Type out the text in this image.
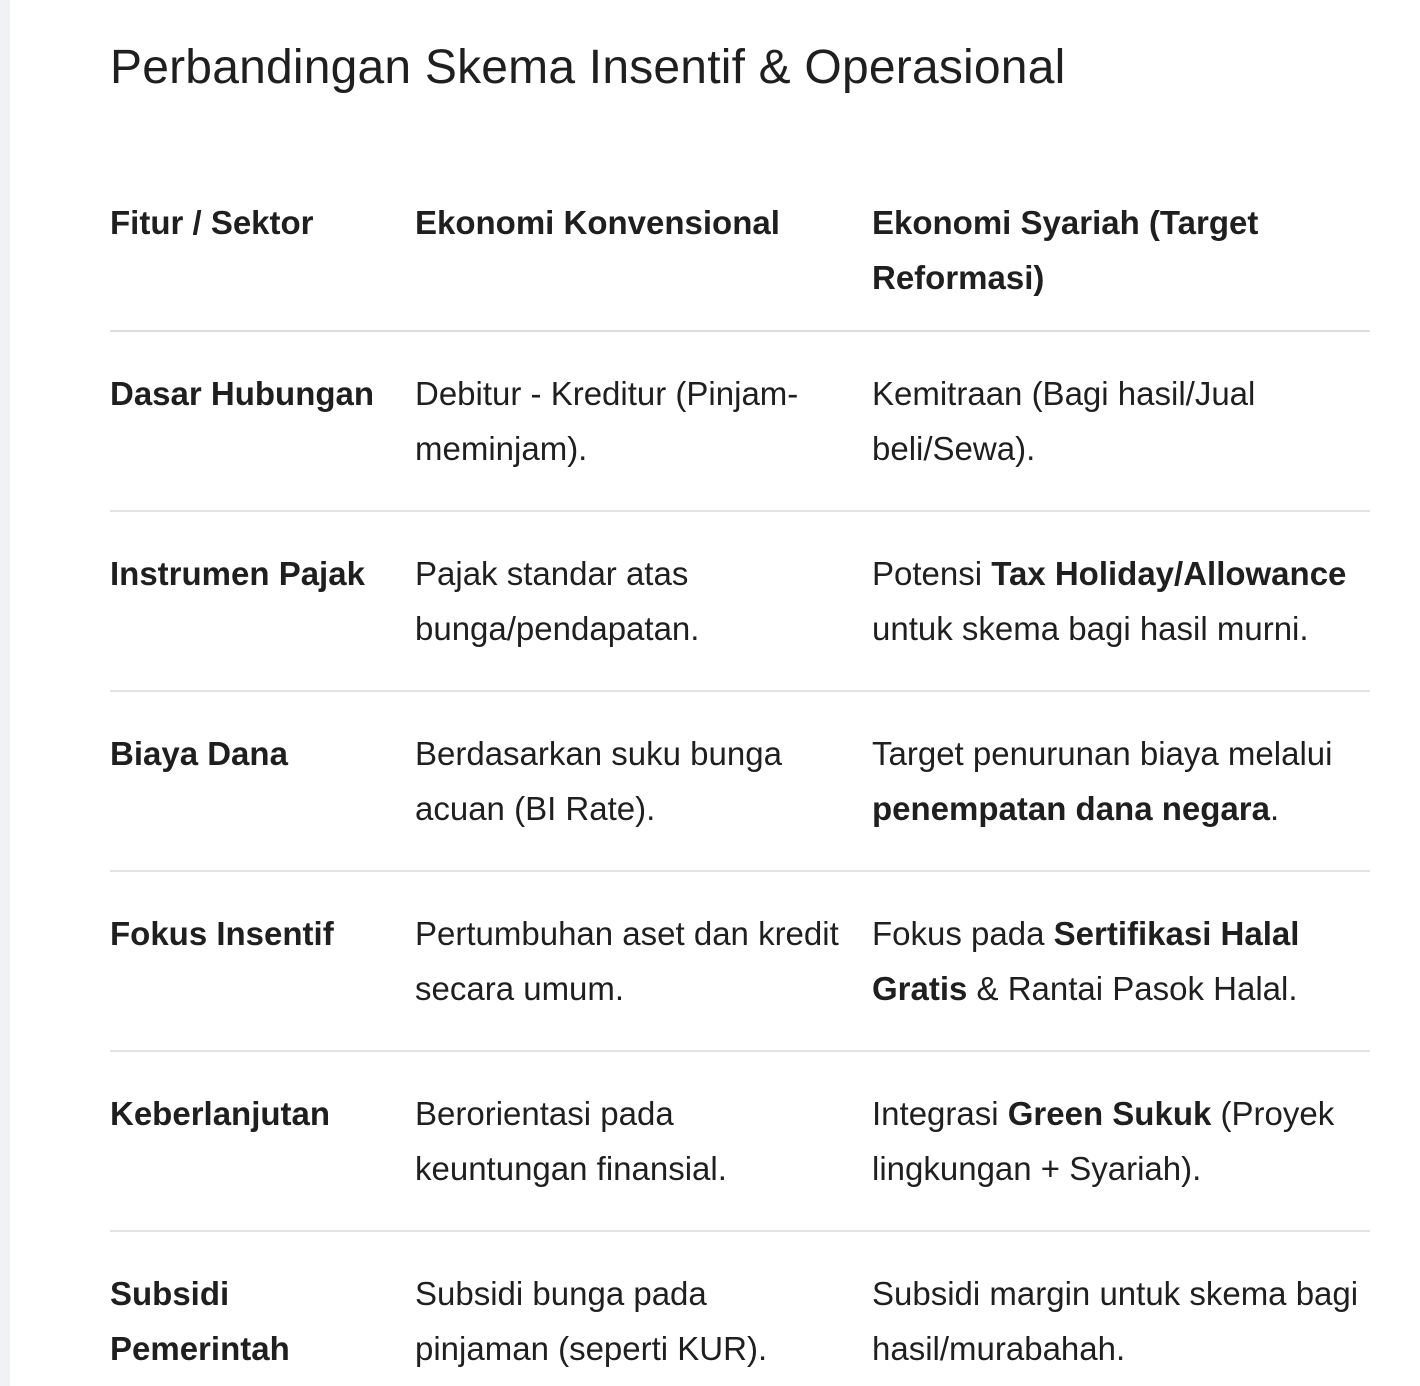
Perbandingan Skema Insentif & Operasional
Fitur / Sektor	Ekonomi Konvensional	Ekonomi Syariah (Target Reformasi)
Dasar Hubungan	Debitur - Kreditur (Pinjam-meminjam).	Kemitraan (Bagi hasil/Jual beli/Sewa).
Instrumen Pajak	Pajak standar atas bunga/pendapatan.	Potensi Tax Holiday/Allowance untuk skema bagi hasil murni.
Biaya Dana	Berdasarkan suku bunga acuan (BI Rate).	Target penurunan biaya melalui penempatan dana negara.
Fokus Insentif	Pertumbuhan aset dan kredit secara umum.	Fokus pada Sertifikasi Halal Gratis & Rantai Pasok Halal.
Keberlanjutan	Berorientasi pada keuntungan finansial.	Integrasi Green Sukuk (Proyek lingkungan + Syariah).
Subsidi Pemerintah	Subsidi bunga pada pinjaman (seperti KUR).	Subsidi margin untuk skema bagi hasil/murabahah.
